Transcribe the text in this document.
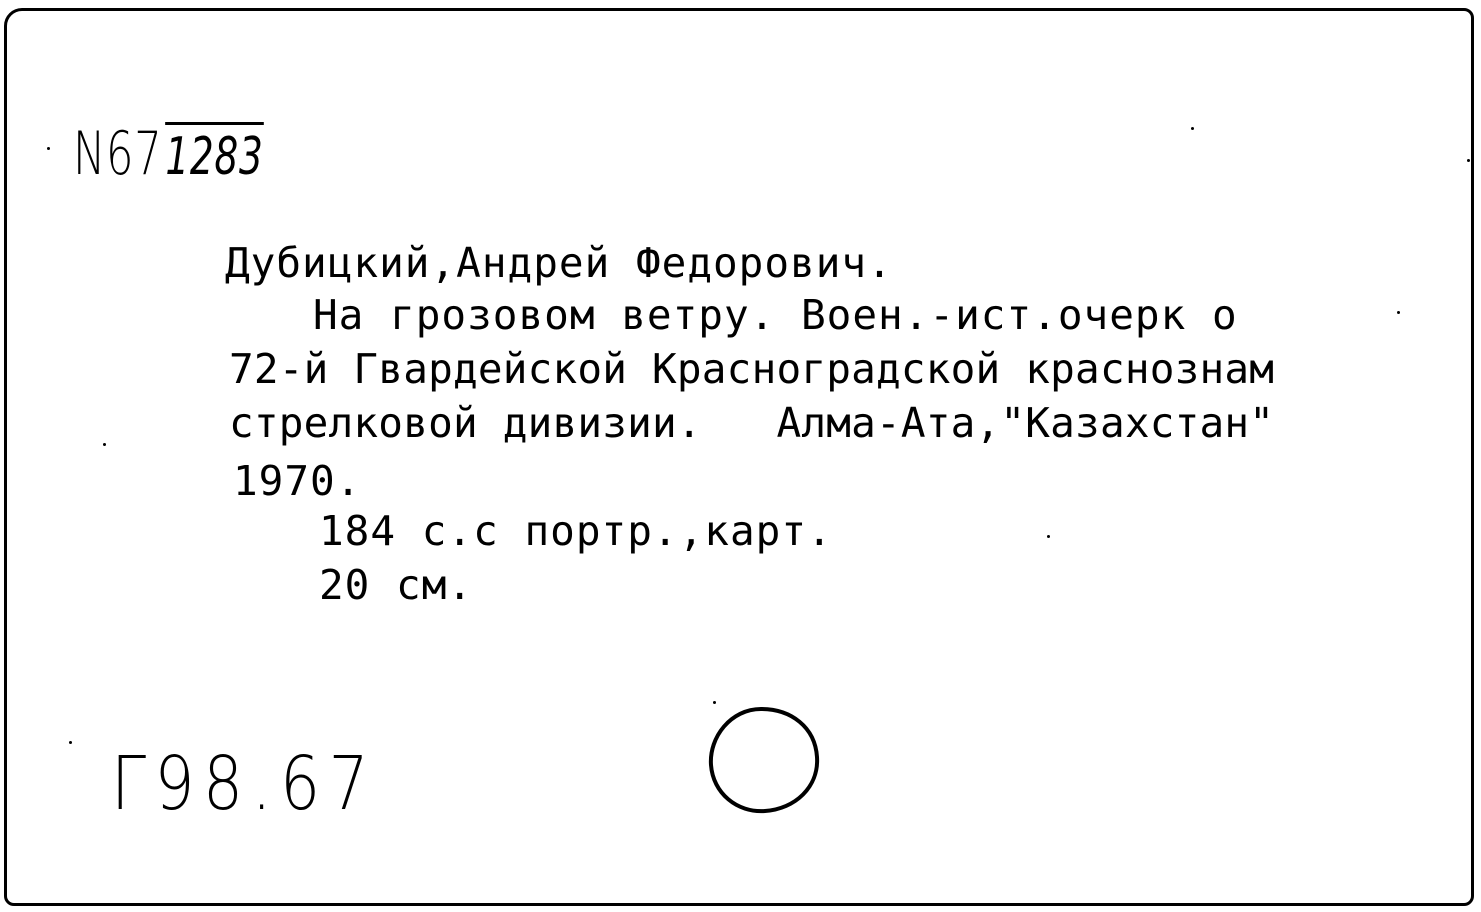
N671283
Дубицкий,Андрей Федорович.
На грозовом ветру. Воен.-ист.очерк о
72-й Гвардейской Красноградской краснознам
стрелковой дивизии.   Алма-Ата,"Казахстан"
1970.
184 с.с портр.,карт.
20 см.
Г98.67
